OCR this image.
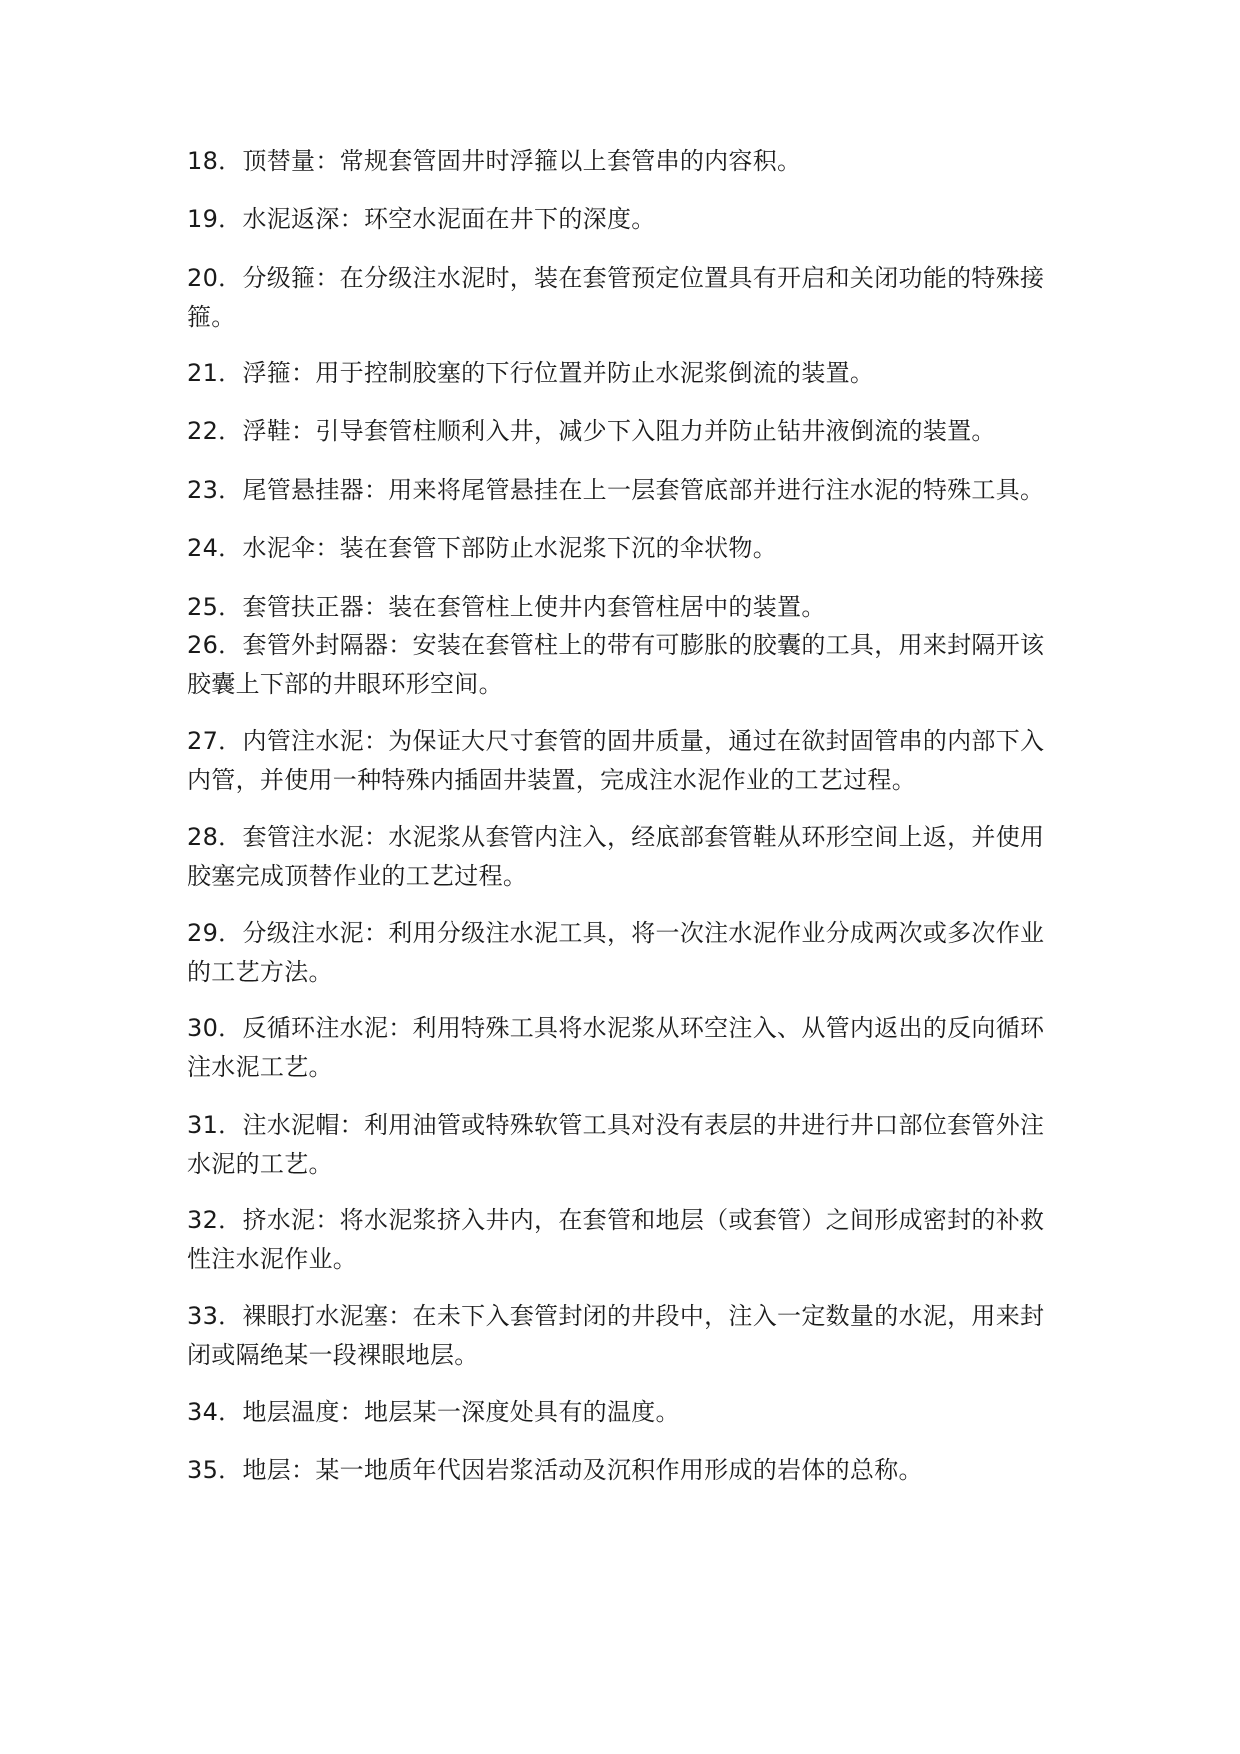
18．顶替量：常规套管固井时浮箍以上套管串的内容积。

19．水泥返深：环空水泥面在井下的深度。

20．分级箍：在分级注水泥时，装在套管预定位置具有开启和关闭功能的特殊接箍。

21．浮箍：用于控制胶塞的下行位置并防止水泥浆倒流的装置。

22．浮鞋：引导套管柱顺利入井，减少下入阻力并防止钻井液倒流的装置。

23．尾管悬挂器：用来将尾管悬挂在上一层套管底部并进行注水泥的特殊工具。

24．水泥伞：装在套管下部防止水泥浆下沉的伞状物。

25．套管扶正器：装在套管柱上使井内套管柱居中的装置。

26．套管外封隔器：安装在套管柱上的带有可膨胀的胶囊的工具，用来封隔开该胶囊上下部的井眼环形空间。

27．内管注水泥：为保证大尺寸套管的固井质量，通过在欲封固管串的内部下入内管，并使用一种特殊内插固井装置，完成注水泥作业的工艺过程。

28．套管注水泥：水泥浆从套管内注入，经底部套管鞋从环形空间上返，并使用胶塞完成顶替作业的工艺过程。

29．分级注水泥：利用分级注水泥工具，将一次注水泥作业分成两次或多次作业的工艺方法。

30．反循环注水泥：利用特殊工具将水泥浆从环空注入、从管内返出的反向循环注水泥工艺。

31．注水泥帽：利用油管或特殊软管工具对没有表层的井进行井口部位套管外注水泥的工艺。

32．挤水泥：将水泥浆挤入井内，在套管和地层（或套管）之间形成密封的补救性注水泥作业。

33．裸眼打水泥塞：在未下入套管封闭的井段中，注入一定数量的水泥，用来封闭或隔绝某一段裸眼地层。

34．地层温度：地层某一深度处具有的温度。

35．地层：某一地质年代因岩浆活动及沉积作用形成的岩体的总称。
